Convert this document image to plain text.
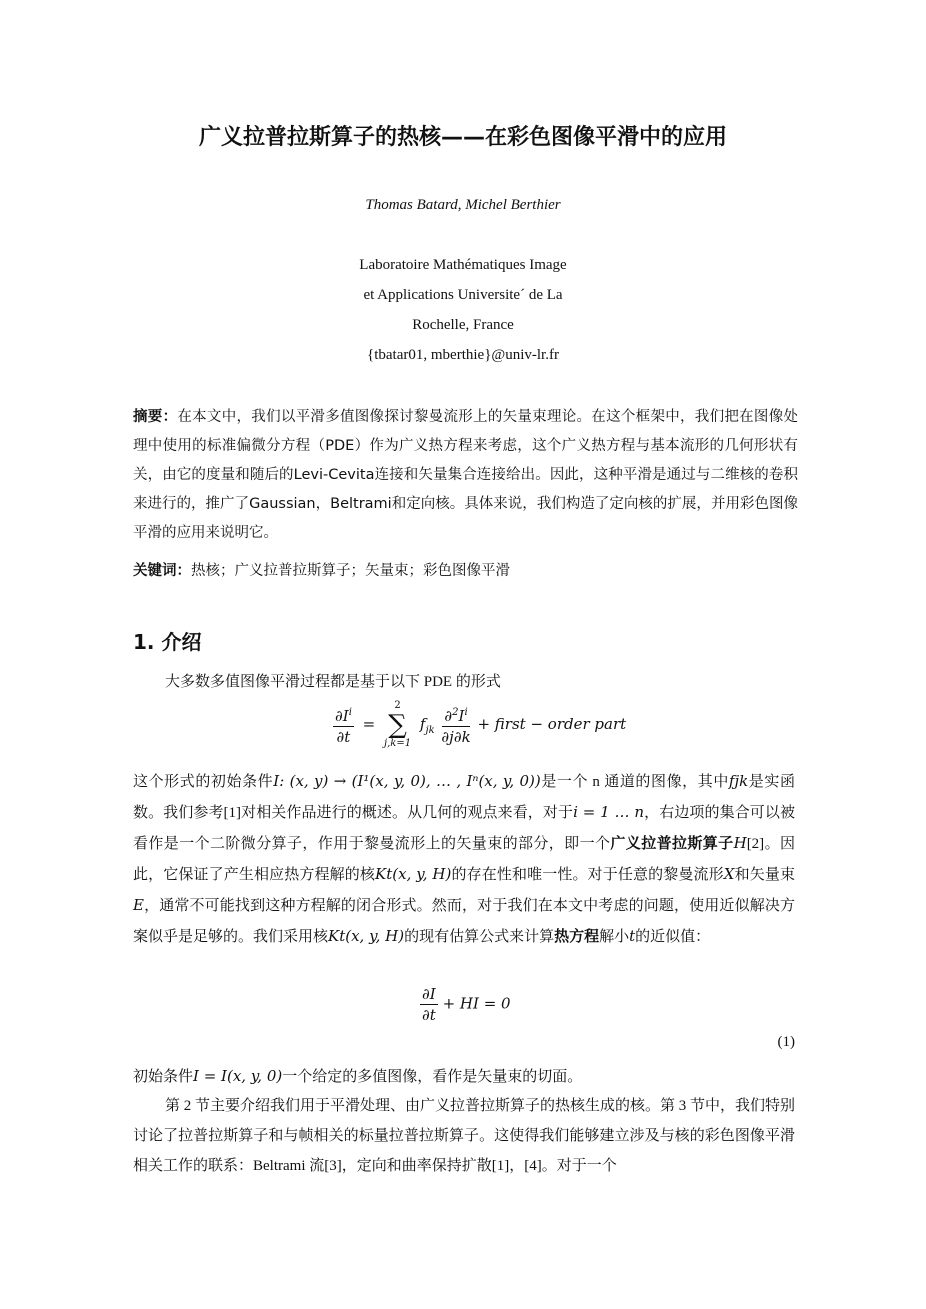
广义拉普拉斯算子的热核——在彩色图像平滑中的应用
Thomas Batard, Michel Berthier
Laboratoire Mathématiques Image
et Applications Universite´ de La
Rochelle, France
{tbatar01, mberthie}@univ-lr.fr
摘要：在本文中，我们以平滑多值图像探讨黎曼流形上的矢量束理论。在这个框架中，我们把在图像处理中使用的标准偏微分方程（PDE）作为广义热方程来考虑，这个广义热方程与基本流形的几何形状有关，由它的度量和随后的Levi-Cevita连接和矢量集合连接给出。因此，这种平滑是通过与二维核的卷积来进行的，推广了Gaussian，Beltrami和定向核。具体来说，我们构造了定向核的扩展，并用彩色图像平滑的应用来说明它。
关键词：热核；广义拉普拉斯算子；矢量束；彩色图像平滑
1. 介绍
大多数多值图像平滑过程都是基于以下 PDE 的形式
$\frac{\partial I^i}{\partial t}$ =
2
∑
j,k=1
$f_{jk} \frac{\partial^2I^i}{\partial j\partial k}$ + first − order part
这个形式的初始条件I: (x, y) → (I¹(x, y, 0), … , Iⁿ(x, y, 0))是一个 n 通道的图像，其中fjk是实函数。我们参考[1]对相关作品进行的概述。从几何的观点来看，对于i = 1 … n，右边项的集合可以被看作是一个二阶微分算子，作用于黎曼流形上的矢量束的部分，即一个广义拉普拉斯算子H[2]。因此，它保证了产生相应热方程解的核Kt(x, y, H)的存在性和唯一性。对于任意的黎曼流形X和矢量束E，通常不可能找到这种方程解的闭合形式。然而，对于我们在本文中考虑的问题，使用近似解决方案似乎是足够的。我们采用核Kt(x, y, H)的现有估算公式来计算热方程解小t的近似值：
$\frac{\partial I}{\partial t}$ + HI = 0
(1)
初始条件I = I(x, y, 0)一个给定的多值图像，看作是矢量束的切面。
第 2 节主要介绍我们用于平滑处理、由广义拉普拉斯算子的热核生成的核。第 3 节中，我们特别讨论了拉普拉斯算子和与帧相关的标量拉普拉斯算子。这使得我们能够建立涉及与核的彩色图像平滑相关工作的联系：Beltrami 流[3]，定向和曲率保持扩散[1]，[4]。对于一个
